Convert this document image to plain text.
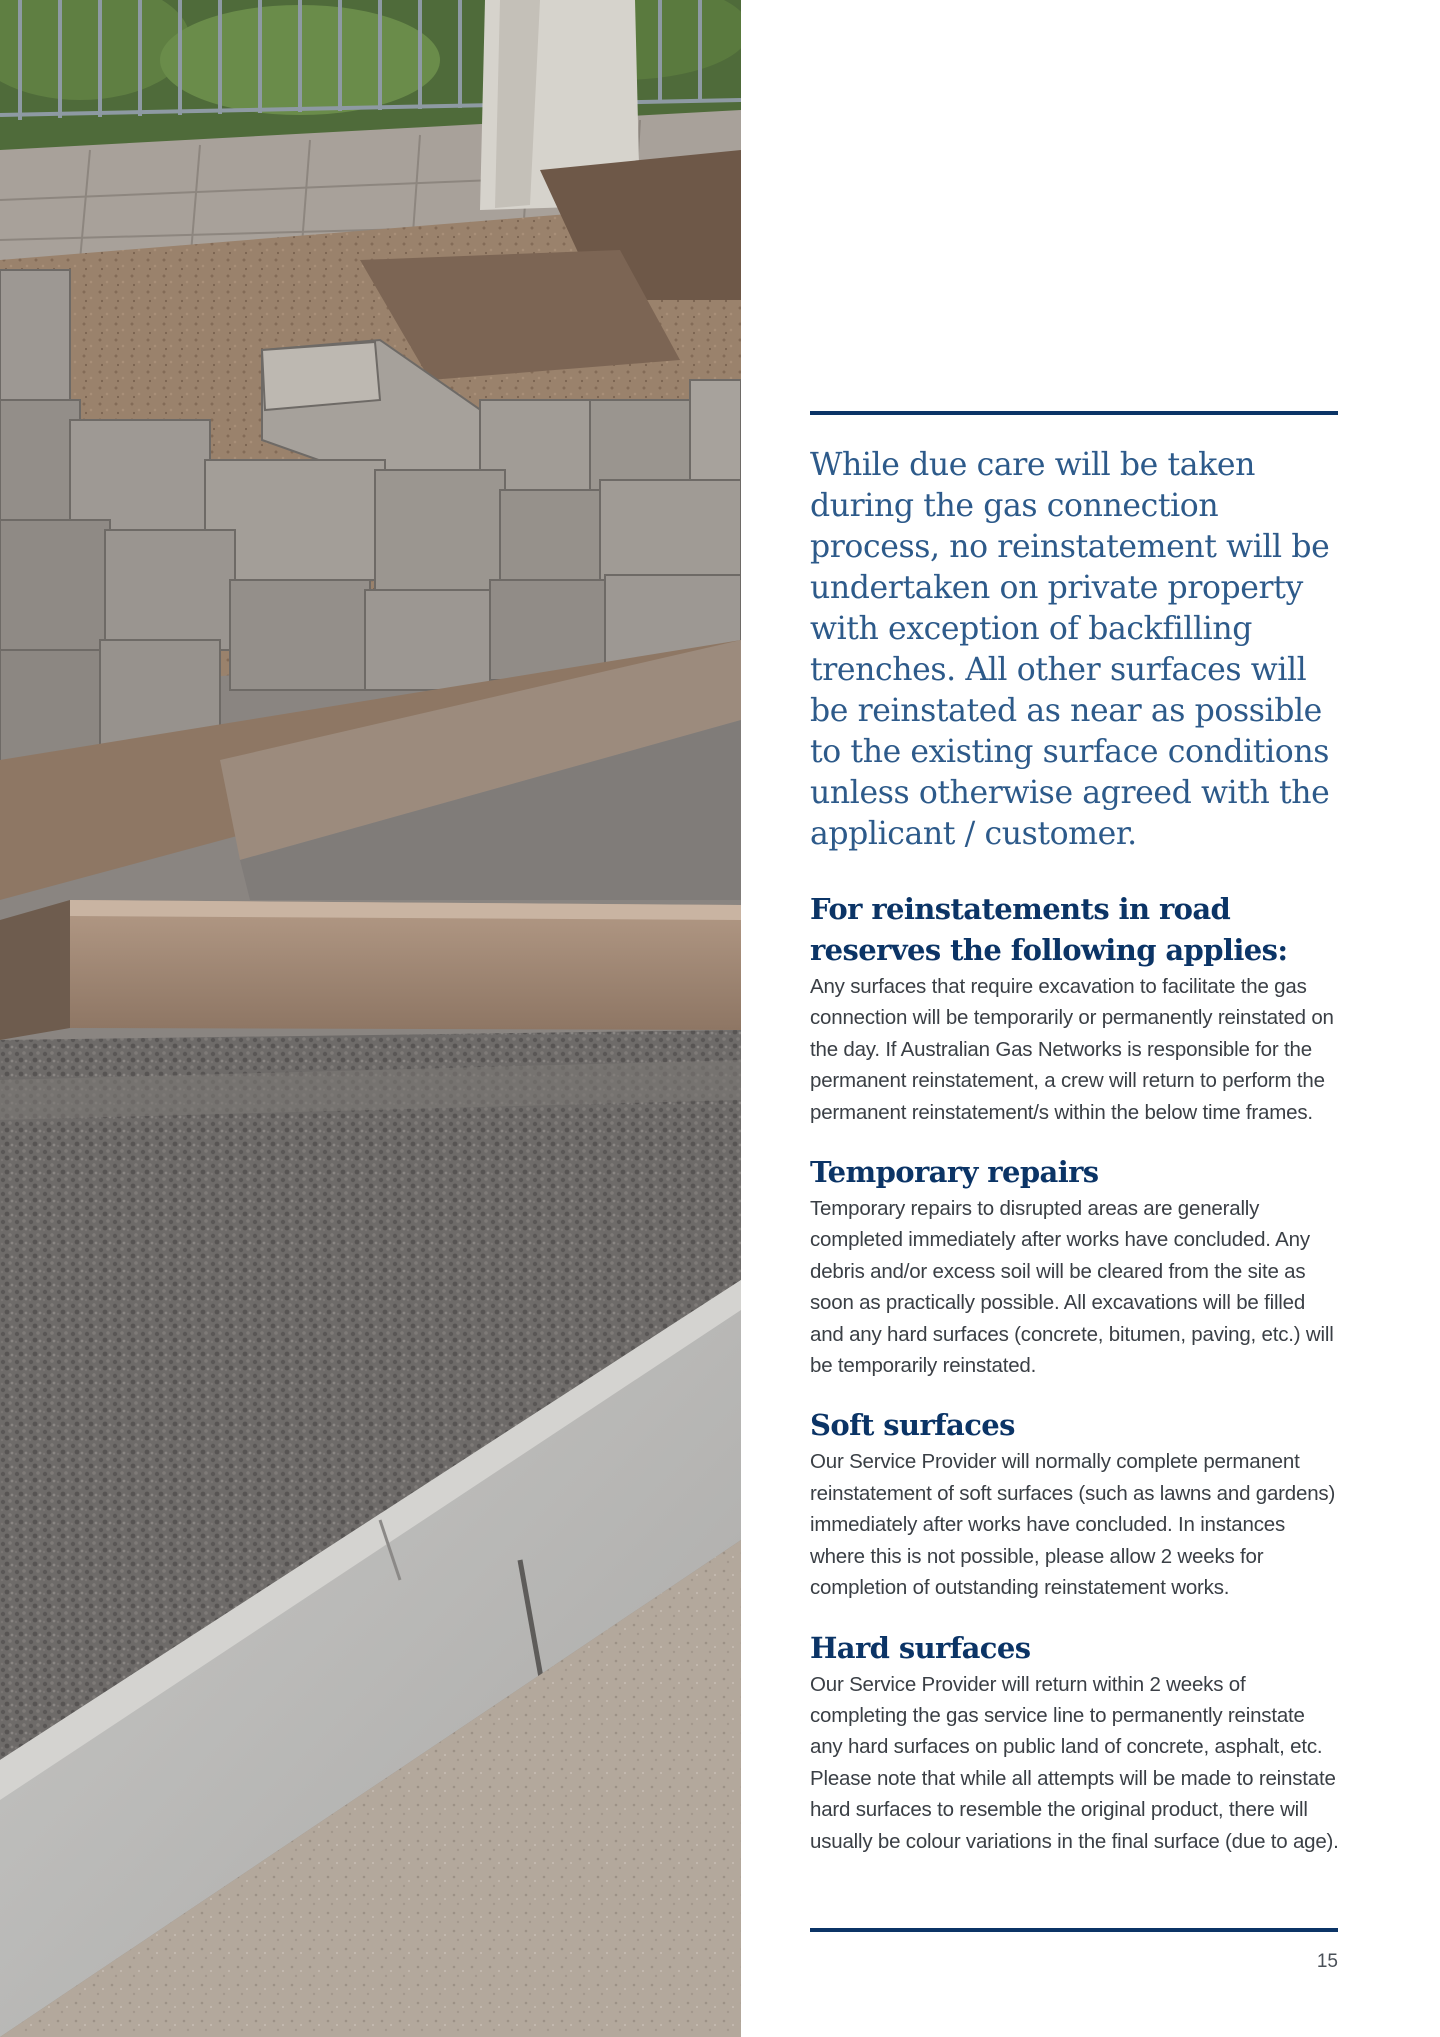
While due care will be taken during the gas connection process, no reinstatement will be undertaken on private property with exception of backfilling trenches. All other surfaces will be reinstated as near as possible to the existing surface conditions unless otherwise agreed with the applicant / customer.

For reinstatements in road reserves the following applies:

Any surfaces that require excavation to facilitate the gas connection will be temporarily or permanently reinstated on the day. If Australian Gas Networks is responsible for the permanent reinstatement, a crew will return to perform the permanent reinstatement/s within the below time frames.

Temporary repairs

Temporary repairs to disrupted areas are generally completed immediately after works have concluded. Any debris and/or excess soil will be cleared from the site as soon as practically possible. All excavations will be filled and any hard surfaces (concrete, bitumen, paving, etc.) will be temporarily reinstated.

Soft surfaces

Our Service Provider will normally complete permanent reinstatement of soft surfaces (such as lawns and gardens) immediately after works have concluded. In instances where this is not possible, please allow 2 weeks for completion of outstanding reinstatement works.

Hard surfaces

Our Service Provider will return within 2 weeks of completing the gas service line to permanently reinstate any hard surfaces on public land of concrete, asphalt, etc. Please note that while all attempts will be made to reinstate hard surfaces to resemble the original product, there will usually be colour variations in the final surface (due to age).

15
